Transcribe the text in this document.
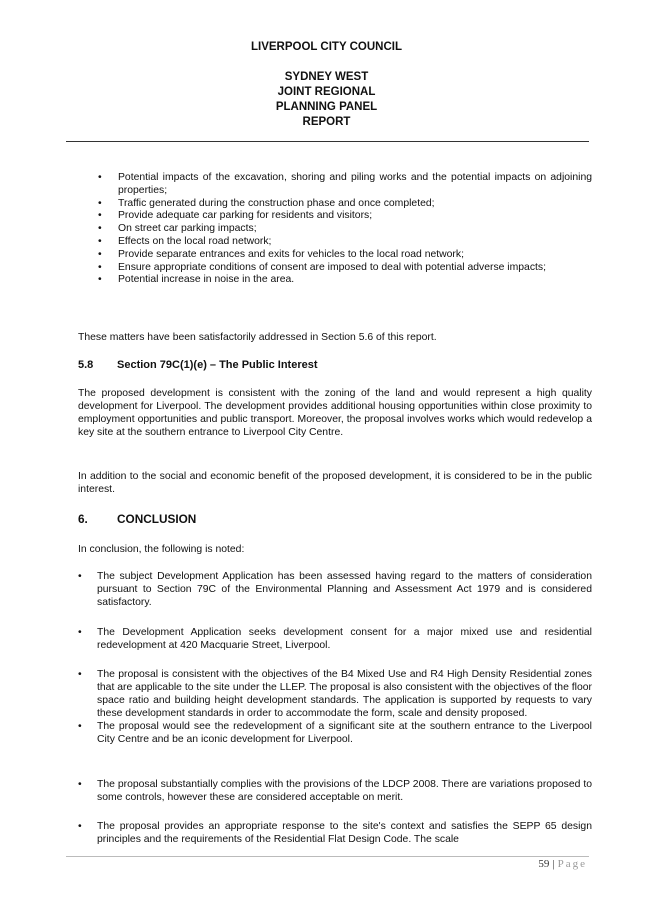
LIVERPOOL CITY COUNCIL
SYDNEY WEST
JOINT REGIONAL
PLANNING PANEL
REPORT
• Potential impacts of the excavation, shoring and piling works and the potential impacts on adjoining properties;
• Traffic generated during the construction phase and once completed;
• Provide adequate car parking for residents and visitors;
• On street car parking impacts;
• Effects on the local road network;
• Provide separate entrances and exits for vehicles to the local road network;
• Ensure appropriate conditions of consent are imposed to deal with potential adverse impacts;
• Potential increase in noise in the area.

These matters have been satisfactorily addressed in Section 5.6 of this report.

5.8 Section 79C(1)(e) – The Public Interest

The proposed development is consistent with the zoning of the land and would represent a high quality development for Liverpool. The development provides additional housing opportunities within close proximity to employment opportunities and public transport. Moreover, the proposal involves works which would redevelop a key site at the southern entrance to Liverpool City Centre.

In addition to the social and economic benefit of the proposed development, it is considered to be in the public interest.

6. CONCLUSION

In conclusion, the following is noted:

• The subject Development Application has been assessed having regard to the matters of consideration pursuant to Section 79C of the Environmental Planning and Assessment Act 1979 and is considered satisfactory.
• The Development Application seeks development consent for a major mixed use and residential redevelopment at 420 Macquarie Street, Liverpool.
• The proposal is consistent with the objectives of the B4 Mixed Use and R4 High Density Residential zones that are applicable to the site under the LLEP. The proposal is also consistent with the objectives of the floor space ratio and building height development standards. The application is supported by requests to vary these development standards in order to accommodate the form, scale and density proposed.
• The proposal would see the redevelopment of a significant site at the southern entrance to the Liverpool City Centre and be an iconic development for Liverpool.
• The proposal substantially complies with the provisions of the LDCP 2008. There are variations proposed to some controls, however these are considered acceptable on merit.
• The proposal provides an appropriate response to the site's context and satisfies the SEPP 65 design principles and the requirements of the Residential Flat Design Code. The scale
59 | Page
